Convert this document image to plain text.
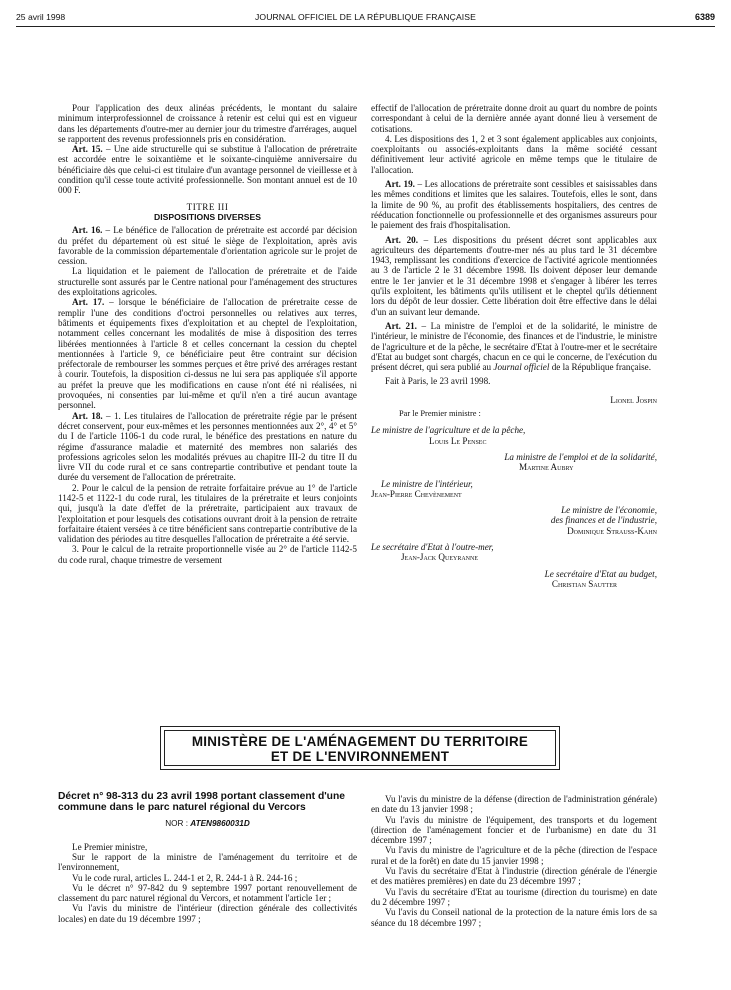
25 avril 1998	JOURNAL OFFICIEL DE LA RÉPUBLIQUE FRANÇAISE	6389

Pour l'application des deux alinéas précédents, le montant du salaire minimum interprofessionnel de croissance à retenir est celui qui est en vigueur dans les départements d'outre-mer au dernier jour du trimestre d'arrérages, auquel se rapportent des revenus professionnels pris en considération.

Art. 15. – Une aide structurelle qui se substitue à l'allocation de préretraite est accordée entre le soixantième et le soixante-cinquième anniversaire du bénéficiaire dès que celui-ci est titulaire d'un avantage personnel de vieillesse et à condition qu'il cesse toute activité professionnelle. Son montant annuel est de 10 000 F.

TITRE III

DISPOSITIONS DIVERSES

Art. 16. – Le bénéfice de l'allocation de préretraite est accordé par décision du préfet du département où est situé le siège de l'exploitation, après avis favorable de la commission départementale d'orientation agricole sur le projet de cession.

La liquidation et le paiement de l'allocation de préretraite et de l'aide structurelle sont assurés par le Centre national pour l'aménagement des structures des exploitations agricoles.

Art. 17. – lorsque le bénéficiaire de l'allocation de préretraite cesse de remplir l'une des conditions d'octroi personnelles ou relatives aux terres, bâtiments et équipements fixes d'exploitation et au cheptel de l'exploitation, notamment celles concernant les modalités de mise à disposition des terres libérées mentionnées à l'article 8 et celles concernant la cession du cheptel mentionnées à l'article 9, ce bénéficiaire peut être contraint sur décision préfectorale de rembourser les sommes perçues et être privé des arrérages restant à courir. Toutefois, la disposition ci-dessus ne lui sera pas appliquée s'il apporte au préfet la preuve que les modifications en cause n'ont été ni réalisées, ni provoquées, ni consenties par lui-même et qu'il n'en a tiré aucun avantage personnel.

Art. 18. – 1. Les titulaires de l'allocation de préretraite régie par le présent décret conservent, pour eux-mêmes et les personnes mentionnées aux 2°, 4° et 5° du I de l'article 1106-1 du code rural, le bénéfice des prestations en nature du régime d'assurance maladie et maternité des membres non salariés des professions agricoles selon les modalités prévues au chapitre III-2 du titre II du livre VII du code rural et ce sans contrepartie contributive et pendant toute la durée du versement de l'allocation de préretraite.

2. Pour le calcul de la pension de retraite forfaitaire prévue au 1° de l'article 1142-5 et 1122-1 du code rural, les titulaires de la préretraite et leurs conjoints qui, jusqu'à la date d'effet de la préretraite, participaient aux travaux de l'exploitation et pour lesquels des cotisations ouvrant droit à la pension de retraite forfaitaire étaient versées à ce titre bénéficient sans contrepartie contributive de la validation des périodes au titre desquelles l'allocation de préretraite a été servie.

3. Pour le calcul de la retraite proportionnelle visée au 2° de l'article 1142-5 du code rural, chaque trimestre de versement

effectif de l'allocation de préretraite donne droit au quart du nombre de points correspondant à celui de la dernière année ayant donné lieu à versement de cotisations.

4. Les dispositions des 1, 2 et 3 sont également applicables aux conjoints, coexploitants ou associés-exploitants dans la même société cessant définitivement leur activité agricole en même temps que le titulaire de l'allocation.

Art. 19. – Les allocations de préretraite sont cessibles et saisissables dans les mêmes conditions et limites que les salaires. Toutefois, elles le sont, dans la limite de 90 %, au profit des établissements hospitaliers, des centres de rééducation fonctionnelle ou professionnelle et des organismes assureurs pour le paiement des frais d'hospitalisation.

Art. 20. – Les dispositions du présent décret sont applicables aux agriculteurs des départements d'outre-mer nés au plus tard le 31 décembre 1943, remplissant les conditions d'exercice de l'activité agricole mentionnées au 3 de l'article 2 le 31 décembre 1998. Ils doivent déposer leur demande entre le 1er janvier et le 31 décembre 1998 et s'engager à libérer les terres qu'ils exploitent, les bâtiments qu'ils utilisent et le cheptel qu'ils détiennent lors du dépôt de leur dossier. Cette libération doit être effective dans le délai d'un an suivant leur demande.

Art. 21. – La ministre de l'emploi et de la solidarité, le ministre de l'intérieur, le ministre de l'économie, des finances et de l'industrie, le ministre de l'agriculture et de la pêche, le secrétaire d'Etat à l'outre-mer et le secrétaire d'Etat au budget sont chargés, chacun en ce qui le concerne, de l'exécution du présent décret, qui sera publié au Journal officiel de la République française.

Fait à Paris, le 23 avril 1998.

Lionel Jospin
Par le Premier ministre :
Le ministre de l'agriculture et de la pêche,
Louis Le Pensec
La ministre de l'emploi et de la solidarité,
Martine Aubry
Le ministre de l'intérieur,
Jean-Pierre Chevènement
Le ministre de l'économie,
des finances et de l'industrie,
Dominique Strauss-Kahn
Le secrétaire d'Etat à l'outre-mer,
Jean-Jack Queyranne
Le secrétaire d'Etat au budget,
Christian Sautter
MINISTÈRE DE L'AMÉNAGEMENT DU TERRITOIRE
ET DE L'ENVIRONNEMENT

Décret n° 98-313 du 23 avril 1998 portant classement d'une commune dans le parc naturel régional du Vercors

NOR : ATEN9860031D

Le Premier ministre,

Sur le rapport de la ministre de l'aménagement du territoire et de l'environnement,

Vu le code rural, articles L. 244-1 et 2, R. 244-1 à R. 244-16 ;

Vu le décret n° 97-842 du 9 septembre 1997 portant renouvellement de classement du parc naturel régional du Vercors, et notamment l'article 1er ;

Vu l'avis du ministre de l'intérieur (direction générale des collectivités locales) en date du 19 décembre 1997 ;

Vu l'avis du ministre de la défense (direction de l'administration générale) en date du 13 janvier 1998 ;

Vu l'avis du ministre de l'équipement, des transports et du logement (direction de l'aménagement foncier et de l'urbanisme) en date du 31 décembre 1997 ;

Vu l'avis du ministre de l'agriculture et de la pêche (direction de l'espace rural et de la forêt) en date du 15 janvier 1998 ;

Vu l'avis du secrétaire d'Etat à l'industrie (direction générale de l'énergie et des matières premières) en date du 23 décembre 1997 ;

Vu l'avis du secrétaire d'Etat au tourisme (direction du tourisme) en date du 2 décembre 1997 ;

Vu l'avis du Conseil national de la protection de la nature émis lors de sa séance du 18 décembre 1997 ;
